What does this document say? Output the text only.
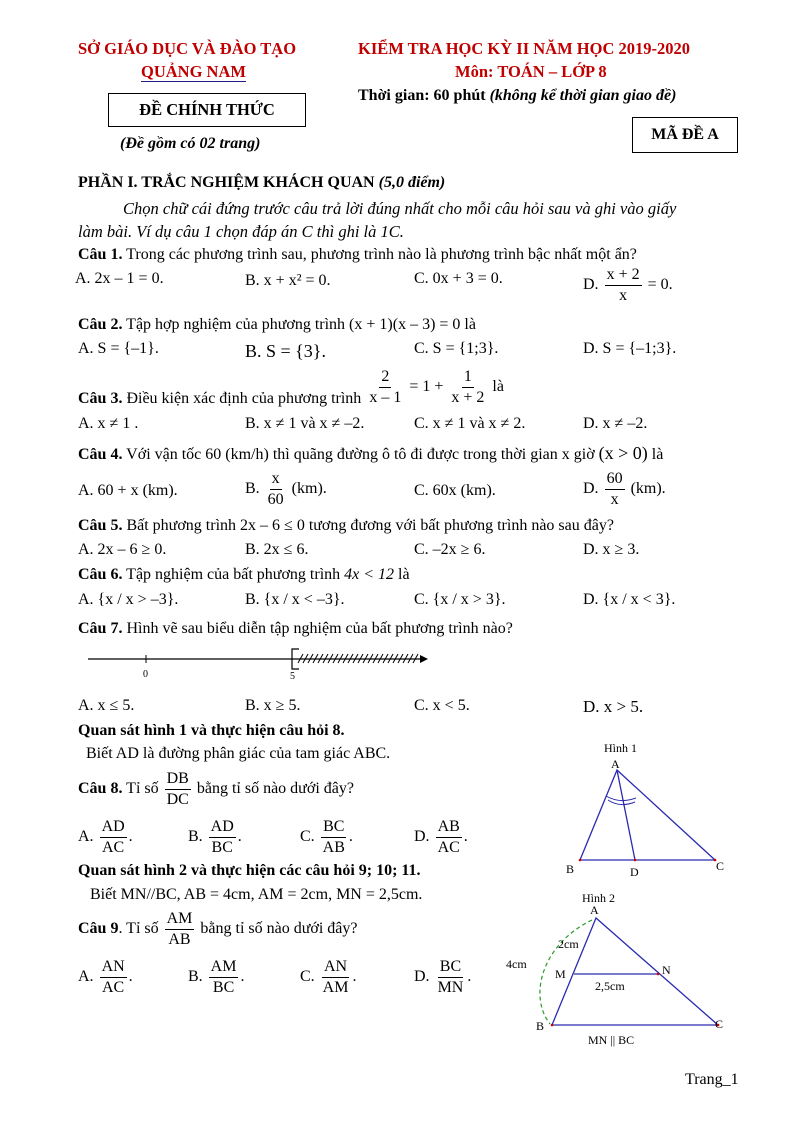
SỞ GIÁO DỤC VÀ ĐÀO TẠO
QUẢNG NAM
ĐỀ CHÍNH THỨC
(Đề gồm có 02 trang)
KIỂM TRA HỌC KỲ II NĂM HỌC 2019-2020
Môn: TOÁN – LỚP 8
Thời gian: 60 phút (không kể thời gian giao đề)
MÃ ĐỀ A
PHẦN I. TRẮC NGHIỆM KHÁCH QUAN (5,0 điểm)
Chọn chữ cái đứng trước câu trả lời đúng nhất cho mỗi câu hỏi sau và ghi vào giấy
làm bài. Ví dụ câu 1 chọn đáp án C thì ghi là 1C.
Câu 1. Trong các phương trình sau, phương trình nào là phương trình bậc nhất một ẩn?
A. 2x – 1 = 0.	B. x + x² = 0.	C. 0x + 3 = 0.	D. $\frac{x + 2}{x} = 0$.
Câu 2. Tập hợp nghiệm của phương trình (x + 1)(x – 3) = 0 là
A. S = {–1}.	B. S = {3}.	C. S = {1;3}.	D. S = {–1;3}.
Câu 3. Điều kiện xác định của phương trình $\frac{2}{x - 1} = 1 + \frac{1}{x + 2}$ là
A. x ≠ 1 .	B. x ≠ 1 và x ≠ –2.	C. x ≠ 1 và x ≠ 2.	D. x ≠ –2.
Câu 4. Với vận tốc 60 (km/h) thì quãng đường ô tô đi được trong thời gian x giờ (x > 0) là
A. 60 + x (km).	B. $\frac{x}{60} (km)$.	C. 60x (km).	D. $\frac{60}{x} (km)$.
Câu 5. Bất phương trình 2x – 6 ≤ 0 tương đương với bất phương trình nào sau đây?
A. 2x – 6 ≥ 0.	B. 2x ≤ 6.	C. –2x ≥ 6.	D. x ≥ 3.
Câu 6. Tập nghiệm của bất phương trình 4x < 12 là
A. {x / x > –3}.	B. {x / x < –3}.	C. {x / x > 3}.	D. {x / x < 3}.
Câu 7. Hình vẽ sau biểu diễn tập nghiệm của bất phương trình nào?
0	5
A. x ≤ 5.	B. x ≥ 5.	C. x < 5.	D. x > 5.
Quan sát hình 1 và thực hiện câu hỏi 8.
Biết AD là đường phân giác của tam giác ABC.
Câu 8. Tỉ số $\frac{DB}{DC}$ bằng tỉ số nào dưới đây?
A. $\frac{AD}{AC}$ .	B. $\frac{AD}{BC}$ .	C. $\frac{BC}{AB}$ .	D. $\frac{AB}{AC}$ .
Quan sát hình 2 và thực hiện các câu hỏi 9; 10; 11.
Biết MN//BC, AB = 4cm, AM = 2cm, MN = 2,5cm.
Câu 9. Tỉ số $\frac{AM}{AB}$ bằng tỉ số nào dưới đây?
A. $\frac{AN}{AC}$ .	B. $\frac{AM}{BC}$ .	C. $\frac{AN}{AM}$ .	D. $\frac{BC}{MN}$ .
Hình 1
A
B	D	C
Hình 2
A
2cm
4cm
M	N
2,5cm
B	C
MN || BC
Trang_1
